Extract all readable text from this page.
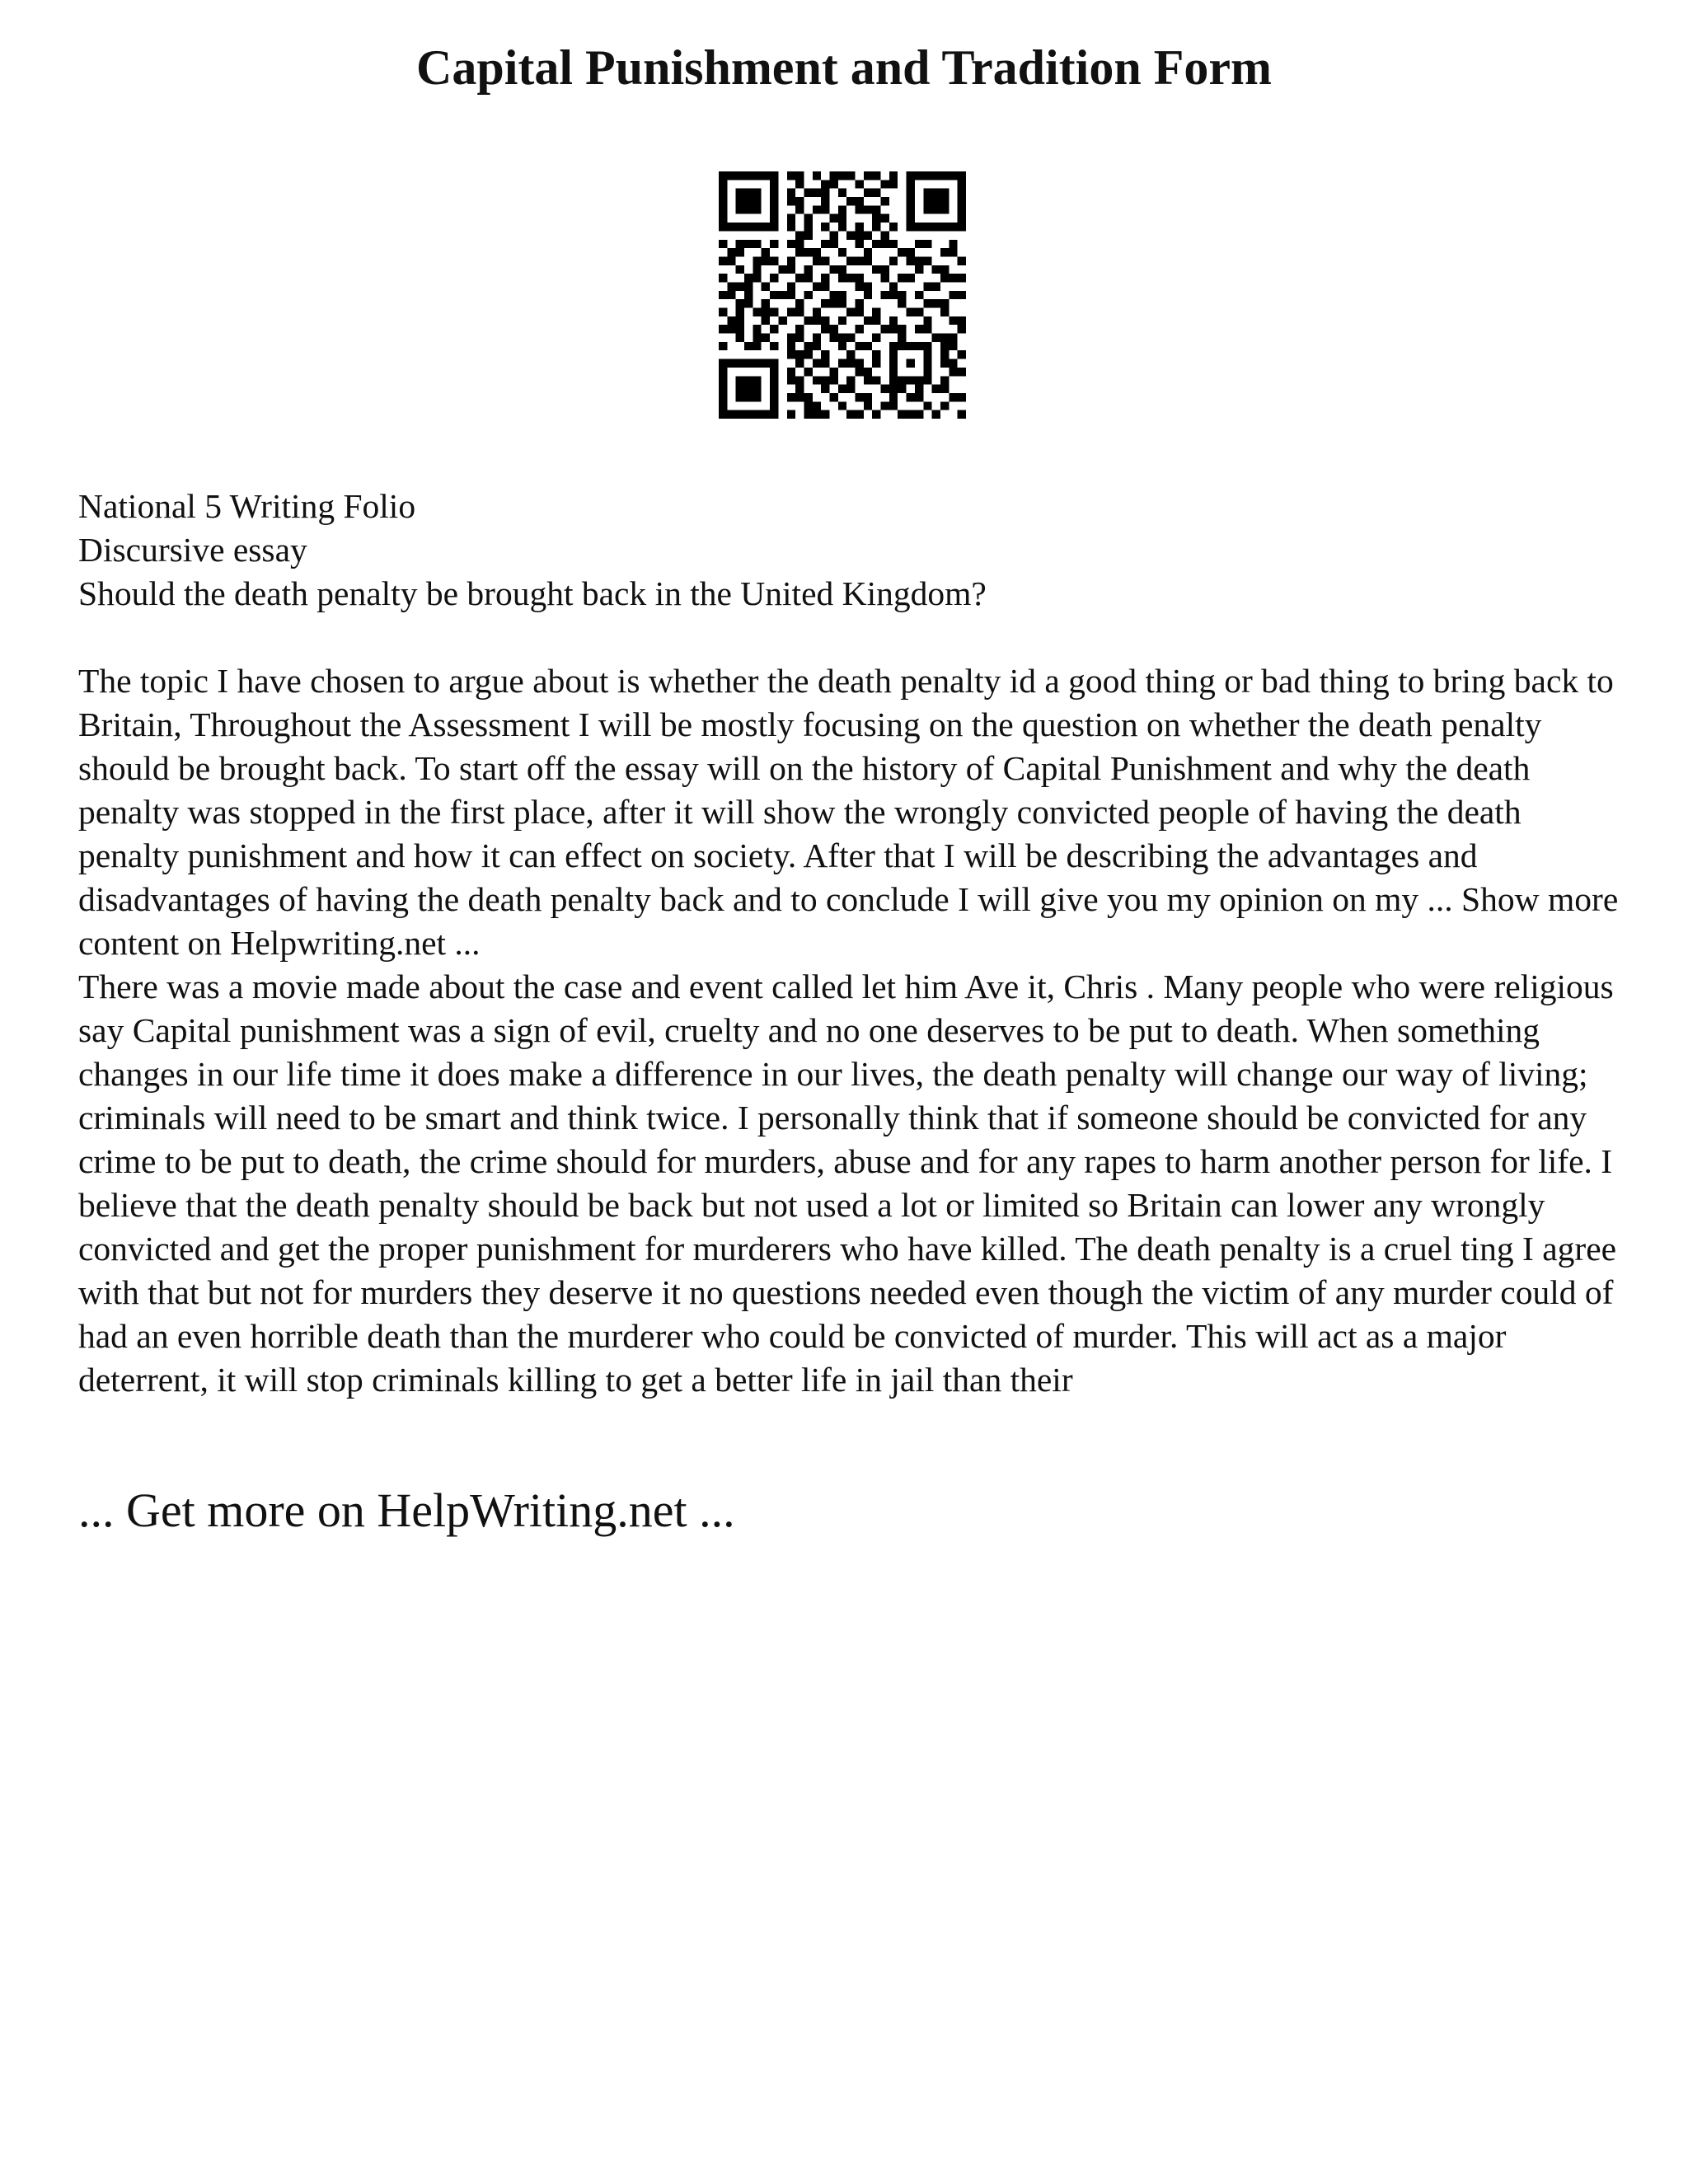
Capital Punishment and Tradition Form
National 5 Writing Folio
Discursive essay
Should the death penalty be brought back in the United Kingdom?

The topic I have chosen to argue about is whether the death penalty id a good thing or bad thing to bring back to Britain, Throughout the Assessment I will be mostly focusing on the question on whether the death penalty should be brought back. To start off the essay will on the history of Capital Punishment and why the death penalty was stopped in the first place, after it will show the wrongly convicted people of having the death penalty punishment and how it can effect on society. After that I will be describing the advantages and disadvantages of having the death penalty back and to conclude I will give you my opinion on my ... Show more content on Helpwriting.net ...

There was a movie made about the case and event called let him Ave it, Chris . Many people who were religious say Capital punishment was a sign of evil, cruelty and no one deserves to be put to death. When something changes in our life time it does make a difference in our lives, the death penalty will change our way of living; criminals will need to be smart and think twice. I personally think that if someone should be convicted for any crime to be put to death, the crime should for murders, abuse and for any rapes to harm another person for life. I believe that the death penalty should be back but not used a lot or limited so Britain can lower any wrongly convicted and get the proper punishment for murderers who have killed. The death penalty is a cruel ting I agree with that but not for murders they deserve it no questions needed even though the victim of any murder could of had an even horrible death than the murderer who could be convicted of murder. This will act as a major deterrent, it will stop criminals killing to get a better life in jail than their

... Get more on HelpWriting.net ...
